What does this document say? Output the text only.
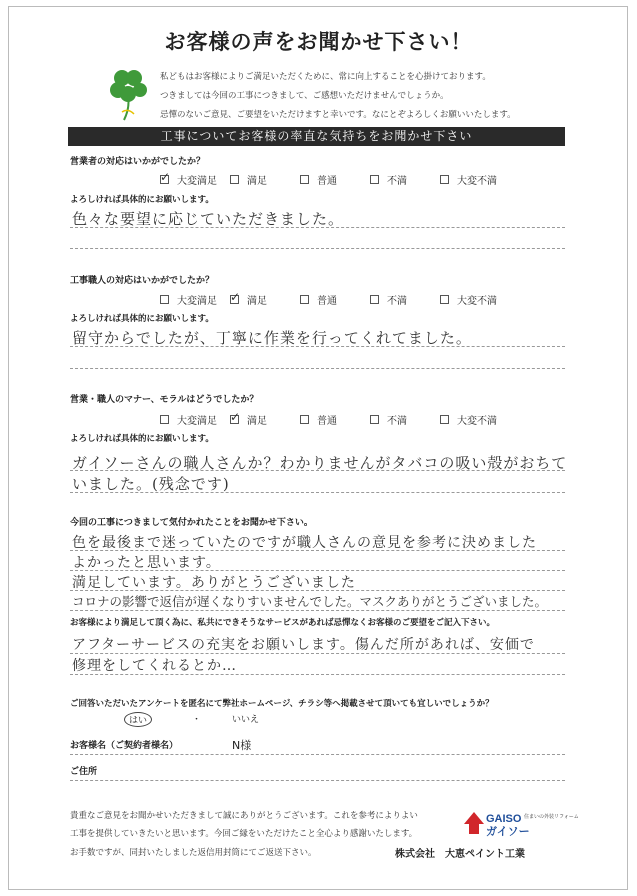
お客様の声をお聞かせ下さい！
私どもはお客様によりご満足いただくために、常に向上することを心掛けております。
つきましては今回の工事につきまして、ご感想いただけませんでしょうか。
忌憚のないご意見、ご要望をいただけますと幸いです。なにとぞよろしくお願いいたします。
工事についてお客様の率直な気持ちをお聞かせ下さい
営業者の対応はいかがでしたか？
✓
大変満足	満足	普通	不満	大変不満
よろしければ具体的にお願いします。
色々な要望に応じていただきました。
工事職人の対応はいかがでしたか？
大変満足 ✓	満足	普通	不満	大変不満
よろしければ具体的にお願いします。
留守からでしたが、丁寧に作業を行ってくれてました。
営業・職人のマナー、モラルはどうでしたか？
大変満足 ✓	満足	普通	不満	大変不満
よろしければ具体的にお願いします。
ガイソーさんの職人さんか？わかりませんがタバコの吸い殻がおちて
いました。(残念です)
今回の工事につきまして気付かれたことをお聞かせ下さい。
色を最後まで迷っていたのですが職人さんの意見を参考に決めました
よかったと思います。
満足しています。ありがとうございました
コロナの影響で返信が遅くなりすいませんでした。マスクありがとうございました。
お客様により満足して頂く為に、私共にできそうなサービスがあれば忌憚なくお客様のご要望をご記入下さい。
アフターサービスの充実をお願いします。傷んだ所があれば、安価で
修理をしてくれるとか…
ご回答いただいたアンケートを匿名にて弊社ホームページ、チラシ等へ掲載させて頂いても宜しいでしょうか？
はい	・	いいえ
お客様名（ご契約者様名）	N様
ご住所
貴重なご意見をお聞かせいただきまして誠にありがとうございます。これを参考によりよい
工事を提供していきたいと思います。今回ご縁をいただけたこと全心より感謝いたします。
お手数ですが、同封いたしました返信用封筒にてご返送下さい。
GAISO
ガイソー
住まいの外装リフォーム
株式会社　大恵ペイント工業
